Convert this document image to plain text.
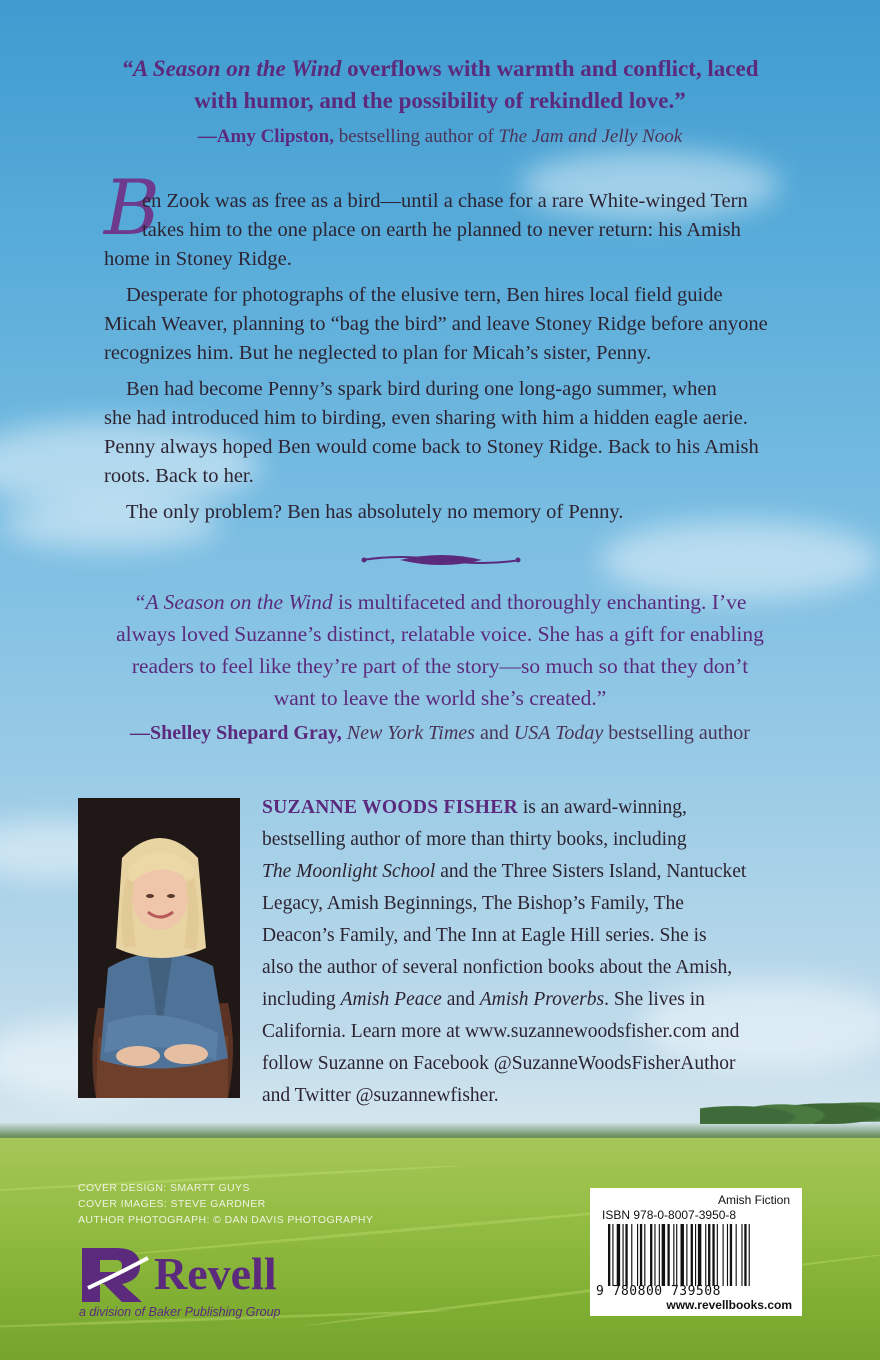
“A Season on the Wind overflows with warmth and conflict, laced
with humor, and the possibility of rekindled love.”
—Amy Clipston, bestselling author of The Jam and Jelly Nook
B
en Zook was as free as a bird—until a chase for a rare White-winged Tern
takes him to the one place on earth he planned to never return: his Amish
home in Stoney Ridge.
Desperate for photographs of the elusive tern, Ben hires local field guide
Micah Weaver, planning to “bag the bird” and leave Stoney Ridge before anyone
recognizes him. But he neglected to plan for Micah’s sister, Penny.
Ben had become Penny’s spark bird during one long-ago summer, when
she had introduced him to birding, even sharing with him a hidden eagle aerie.
Penny always hoped Ben would come back to Stoney Ridge. Back to his Amish
roots. Back to her.
The only problem? Ben has absolutely no memory of Penny.
“A Season on the Wind is multifaceted and thoroughly enchanting. I’ve
always loved Suzanne’s distinct, relatable voice. She has a gift for enabling
readers to feel like they’re part of the story—so much so that they don’t
want to leave the world she’s created.”
—Shelley Shepard Gray, New York Times and USA Today bestselling author
SUZANNE WOODS FISHER is an award-winning,
bestselling author of more than thirty books, including
The Moonlight School and the Three Sisters Island, Nantucket
Legacy, Amish Beginnings, The Bishop’s Family, The
Deacon’s Family, and The Inn at Eagle Hill series. She is
also the author of several nonfiction books about the Amish,
including Amish Peace and Amish Proverbs. She lives in
California. Learn more at www.suzannewoodsfisher.com and
follow Suzanne on Facebook @SuzanneWoodsFisherAuthor
and Twitter @suzannewfisher.
COVER DESIGN: SMARTT GUYS
COVER IMAGES: STEVE GARDNER
AUTHOR PHOTOGRAPH: © DAN DAVIS PHOTOGRAPHY
Revell
a division of Baker Publishing Group
Amish Fiction
ISBN 978-0-8007-3950-8
9 780800 739508
www.revellbooks.com
